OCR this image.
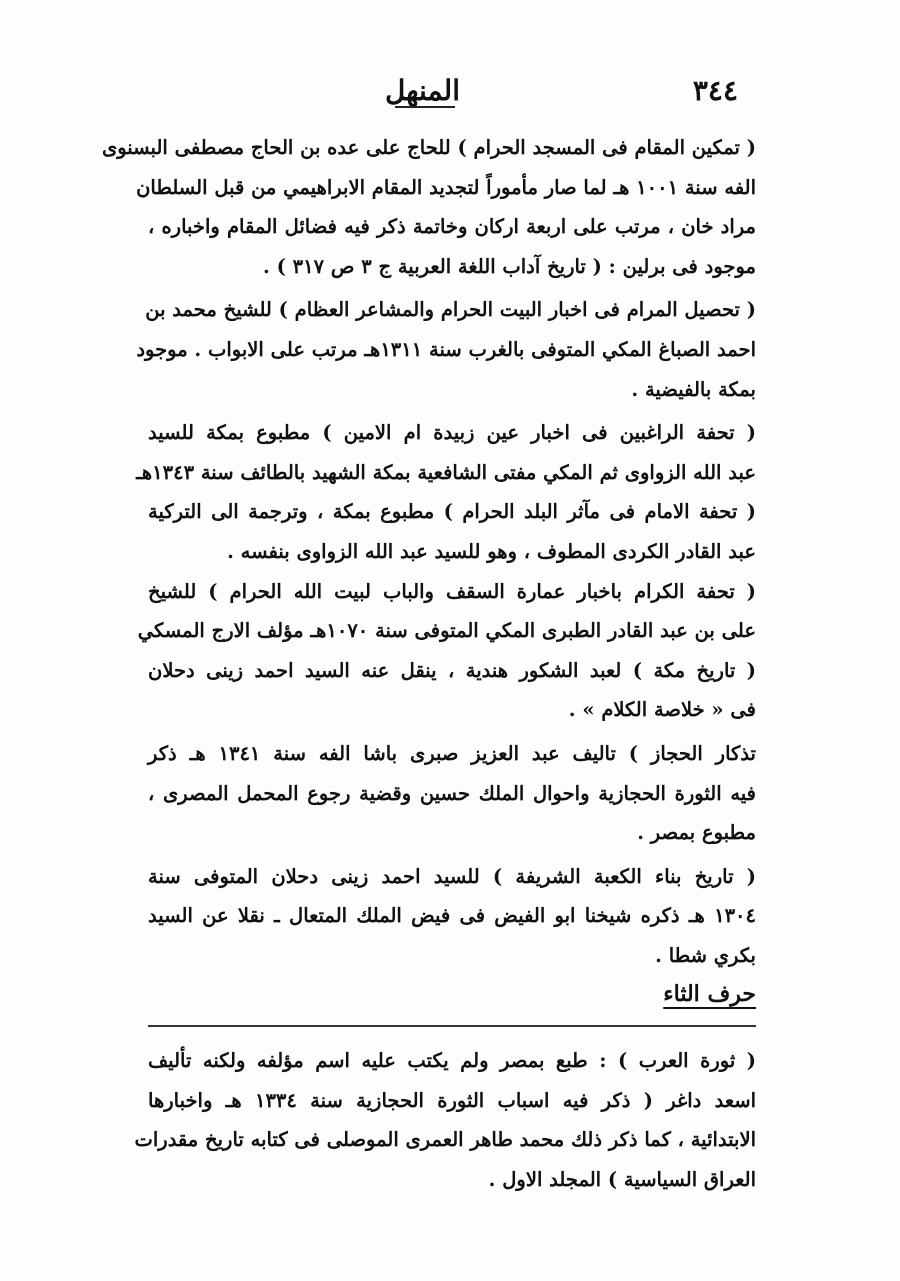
٣٤٤
المنهل
( تمكين المقام فى المسجد الحرام ) للحاج على عده بن الحاج مصطفى البسنوى
الفه سنة ١٠٠١ هـ لما صار مأموراً لتجديد المقام الابراهيمي من قبل السلطان
مراد خان ، مرتب على اربعة اركان وخاتمة ذكر فيه فضائل المقام واخباره ،
موجود فى برلين : ( تاريخ آداب اللغة العربية ج ٣ ص ٣١٧ ) .
( تحصيل المرام فى اخبار البيت الحرام والمشاعر العظام ) للشيخ محمد بن
احمد الصباغ المكي المتوفى بالغرب سنة ١٣١١هـ مرتب على الابواب . موجود
بمكة بالفيضية .
( تحفة الراغبين فى اخبار عين زبيدة ام الامين ) مطبوع بمكة للسيد
عبد الله الزواوى ثم المكي مفتى الشافعية بمكة الشهيد بالطائف سنة ١٣٤٣هـ
( تحفة الامام فى مآثر البلد الحرام ) مطبوع بمكة ، وترجمة الى التركية
عبد القادر الكردى المطوف ، وهو للسيد عبد الله الزواوى بنفسه .
( تحفة الكرام باخبار عمارة السقف والباب لبيت الله الحرام ) للشيخ
على بن عبد القادر الطبرى المكي المتوفى سنة ١٠٧٠هـ مؤلف الارج المسكي
( تاريخ مكة ) لعبد الشكور هندية ، ينقل عنه السيد احمد زينى دحلان
فى « خلاصة الكلام » .
تذكار الحجاز ) تاليف عبد العزيز صبرى باشا الفه سنة ١٣٤١ هـ ذكر
فيه الثورة الحجازية واحوال الملك حسين وقضية رجوع المحمل المصرى ،
مطبوع بمصر .
( تاريخ بناء الكعبة الشريفة ) للسيد احمد زينى دحلان المتوفى سنة
١٣٠٤ هـ ذكره شيخنا ابو الفيض فى فيض الملك المتعال ـ نقلا عن السيد
بكري شطا .
حرف الثاء
( ثورة العرب ) : طبع بمصر ولم يكتب عليه اسم مؤلفه ولكنه تأليف
اسعد داغر ( ذكر فيه اسباب الثورة الحجازية سنة ١٣٣٤ هـ واخبارها
الابتدائية ، كما ذكر ذلك محمد طاهر العمرى الموصلى فى كتابه تاريخ مقدرات
العراق السياسية ) المجلد الاول .
